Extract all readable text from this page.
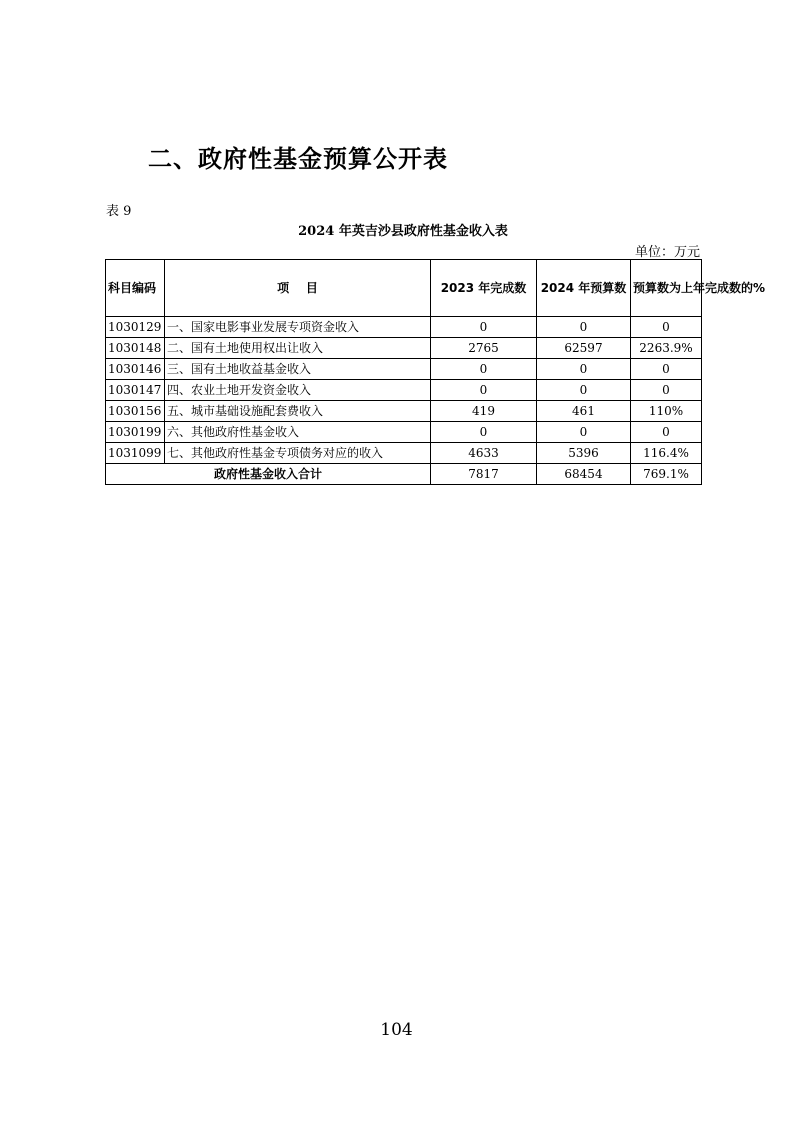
二、政府性基金预算公开表
表 9
2024 年英吉沙县政府性基金收入表
单位：万元
科目编码	项    目	2023 年完成数	2024 年预算数	预算数为上年完成数的%
1030129	一、国家电影事业发展专项资金收入	0	0	0
1030148	二、国有土地使用权出让收入	2765	62597	2263.9%
1030146	三、国有土地收益基金收入	0	0	0
1030147	四、农业土地开发资金收入	0	0	0
1030156	五、城市基础设施配套费收入	419	461	110%
1030199	六、其他政府性基金收入	0	0	0
1031099	七、其他政府性基金专项债务对应的收入	4633	5396	116.4%
政府性基金收入合计		7817	68454	769.1%
104
